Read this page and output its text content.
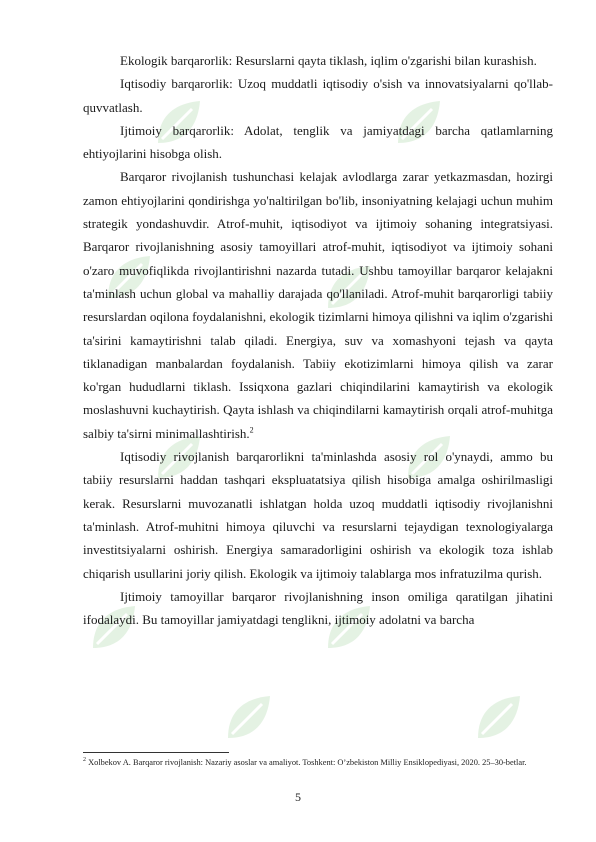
Ekologik barqarorlik: Resurslarni qayta tiklash, iqlim o'zgarishi bilan kurashish.

Iqtisodiy barqarorlik: Uzoq muddatli iqtisodiy o'sish va innovatsiyalarni qo'llab-quvvatlash.

Ijtimoiy barqarorlik: Adolat, tenglik va jamiyatdagi barcha qatlamlarning ehtiyojlarini hisobga olish.

Barqaror rivojlanish tushunchasi kelajak avlodlarga zarar yetkazmasdan, hozirgi zamon ehtiyojlarini qondirishga yo'naltirilgan bo'lib, insoniyatning kelajagi uchun muhim strategik yondashuvdir. Atrof-muhit, iqtisodiyot va ijtimoiy sohaning integratsiyasi. Barqaror rivojlanishning asosiy tamoyillari atrof-muhit, iqtisodiyot va ijtimoiy sohani o'zaro muvofiqlikda rivojlantirishni nazarda tutadi. Ushbu tamoyillar barqaror kelajakni ta'minlash uchun global va mahalliy darajada qo'llaniladi. Atrof-muhit barqarorligi tabiiy resurslardan oqilona foydalanishni, ekologik tizimlarni himoya qilishni va iqlim o'zgarishi ta'sirini kamaytirishni talab qiladi. Energiya, suv va xomashyoni tejash va qayta tiklanadigan manbalardan foydalanish. Tabiiy ekotizimlarni himoya qilish va zarar ko'rgan hududlarni tiklash. Issiqxona gazlari chiqindilarini kamaytirish va ekologik moslashuvni kuchaytirish. Qayta ishlash va chiqindilarni kamaytirish orqali atrof-muhitga salbiy ta'sirni minimallashtirish.$^2$

Iqtisodiy rivojlanish barqarorlikni ta'minlashda asosiy rol o'ynaydi, ammo bu tabiiy resurslarni haddan tashqari ekspluatatsiya qilish hisobiga amalga oshirilmasligi kerak. Resurslarni muvozanatli ishlatgan holda uzoq muddatli iqtisodiy rivojlanishni ta'minlash. Atrof-muhitni himoya qiluvchi va resurslarni tejaydigan texnologiyalarga investitsiyalarni oshirish. Energiya samaradorligini oshirish va ekologik toza ishlab chiqarish usullarini joriy qilish. Ekologik va ijtimoiy talablarga mos infratuzilma qurish.

Ijtimoiy tamoyillar barqaror rivojlanishning inson omiliga qaratilgan jihatini ifodalaydi. Bu tamoyillar jamiyatdagi tenglikni, ijtimoiy adolatni va barcha

$^2$ Xolbekov A. Barqaror rivojlanish: Nazariy asoslar va amaliyot. Toshkent: O’zbekiston Milliy Ensiklopediyasi, 2020. 25–30-betlar.
5
